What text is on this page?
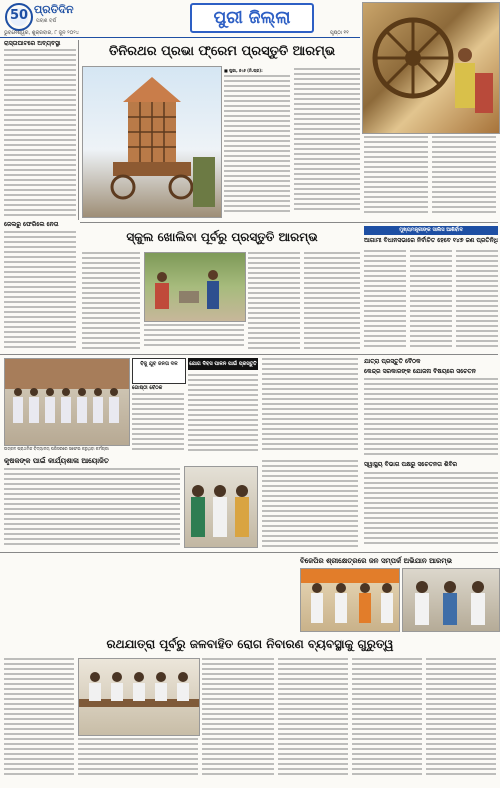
50 ପ୍ରତିଦିନ
ପଚାଶ ବର୍ଷ
ଭୁବନେଶ୍ୱର, ଶୁକ୍ରବାର, ୮ ଜୁନ ୨୦୨୪
ପୁରୀ ଜିଲ୍ଲା
ପୃଷ୍ଠା ୧୧
ରାସ୍ତାଘାଟରେ ଅବ୍ୟବସ୍ଥା
ଜେଲରୁ ଫେରିଲେ ନେତା
ତିନିରଥର ପ୍ରଭା ଫ୍ରେମ ପ୍ରସ୍ତୁତି ଆରମ୍ଭ
■ ପୁରୀ, ୭।୬ (ନି.ପ୍ର):
ସ୍କୁଲ ଖୋଲିବା ପୂର୍ବରୁ ପ୍ରସ୍ତୁତି ଆରମ୍ଭ	ମୁଖ୍ୟମନ୍ତ୍ରୀଙ୍କ ସାଲିସ ଆଶିର୍ବାଦ
ଆଗାମୀ ବିଧାନସଭାରେ ନିର୍ବାଚିତ ହେବେ ୧୪୭ ଜଣ ପ୍ରତିନିଧି
ଉତ୍କଳ ପ୍ରାଥମିକ ବିଦ୍ୟାଳୟ ପରିସରରେ ସଫେଇ କରୁଥିବା କର୍ମଚାରୀ
ବିଜୁ ଯୁବ ଜନତା ଦଳ
ଗୋଷ୍ଠୀ ବୈଠକ
ଯୋଗ ଦିବସ ପାଳନ ପାଇଁ ପ୍ରସ୍ତୁତି	ଯାତ୍ରା ପ୍ରସ୍ତୁତି ବୈଠକ
କେନ୍ଦ୍ର ସରକାରଙ୍କ ଯୋଜନା ବିଷୟରେ ସଚେତନ
କୃଷକଙ୍କ ପାଇଁ କାର୍ଯ୍ୟଶାଳା ଆୟୋଜିତ	ସ୍ୱାସ୍ଥ୍ୟ ବିଭାଗ ପକ୍ଷରୁ ସଚେତନତା ଶିବିର
ବିଜେପିର ଶ୍ରୀକ୍ଷେତ୍ରରେ ଜନ ସମ୍ପର୍କ ଅଭିଯାନ ଆରମ୍ଭ
ରଥଯାତ୍ରା ପୂର୍ବରୁ ଜଳବାହିତ ରୋଗ ନିବାରଣ ବ୍ୟବସ୍ଥାକୁ ଗୁରୁତ୍ୱ
